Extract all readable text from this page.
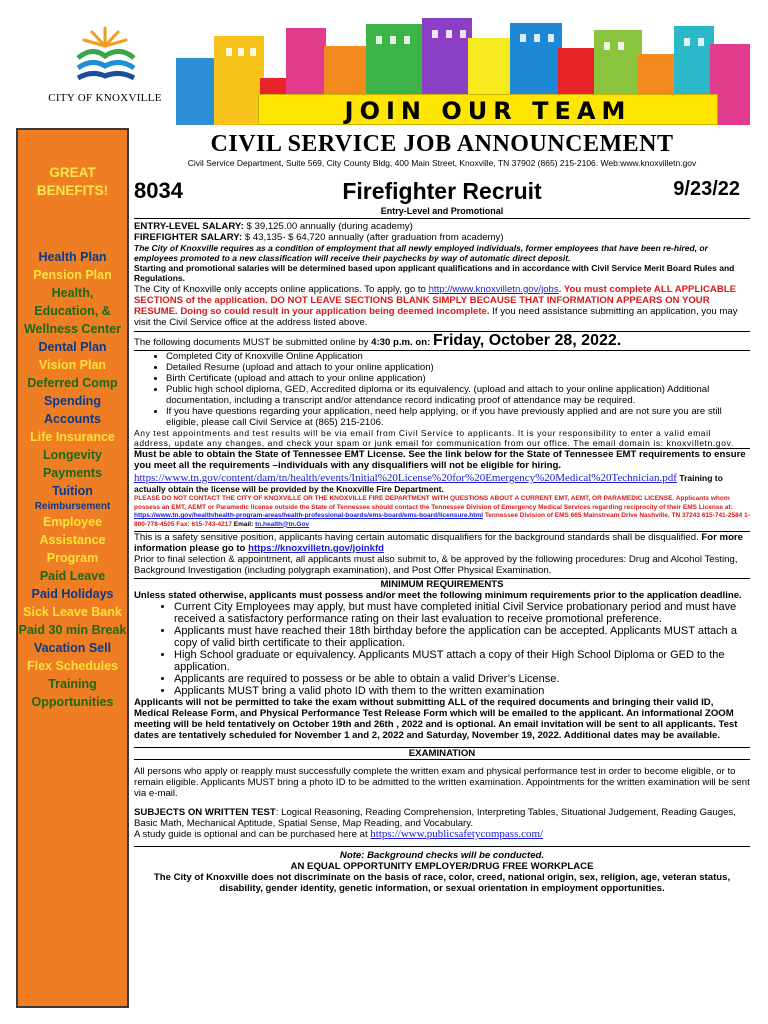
CITY OF KNOXVILLE	JOIN OUR TEAM
GREAT BENEFITS!
Health Plan
Pension Plan
Health, Education, & Wellness Center
Dental Plan
Vision Plan
Deferred Comp
Spending Accounts
Life Insurance
Longevity Payments
Tuition
Reimbursement
Employee Assistance Program
Paid Leave
Paid Holidays
Sick Leave Bank
Paid 30 min Break
Vacation Sell
Flex Schedules
Training Opportunities
CIVIL SERVICE JOB ANNOUNCEMENT
Civil Service Department, Suite 569, City County Bldg, 400 Main Street, Knoxville, TN 37902 (865) 215-2106. Web:www.knoxvilletn.gov
8034	Firefighter Recruit	9/23/22
Entry-Level and Promotional
ENTRY-LEVEL SALARY: $ 39,125.00 annually (during academy)
FIREFIGHTER SALARY: $ 43,135- $ 64,720 annually (after graduation from academy)
The City of Knoxville requires as a condition of employment that all newly employed individuals, former employees that have been re-hired, or employees promoted to a new classification will receive their paychecks by way of automatic direct deposit.
Starting and promotional salaries will be determined based upon applicant qualifications and in accordance with Civil Service Merit Board Rules and Regulations.
The City of Knoxville only accepts online applications. To apply, go to http://www.knoxvilletn.gov/jobs. You must complete ALL APPLICABLE SECTIONS of the application. DO NOT LEAVE SECTIONS BLANK SIMPLY BECAUSE THAT INFORMATION APPEARS ON YOUR RESUME. Doing so could result in your application being deemed incomplete. If you need assistance submitting an application, you may visit the Civil Service office at the address listed above.
The following documents MUST be submitted online by 4:30 p.m. on: Friday, October 28, 2022.
• Completed City of Knoxville Online Application
• Detailed Resume (upload and attach to your online application)
• Birth Certificate (upload and attach to your online application)
• Public high school diploma, GED, Accredited diploma or its equivalency. (upload and attach to your online application) Additional documentation, including a transcript and/or attendance record indicating proof of attendance may be required.
• If you have questions regarding your application, need help applying, or if you have previously applied and are not sure you are still eligible, please call Civil Service at (865) 215-2106.
Any test appointments and test results will be via email from Civil Service to applicants. It is your responsibility to enter a valid email address, update any changes, and check your spam or junk email for communication from our office. The email domain is: knoxvilletn.gov.
Must be able to obtain the State of Tennessee EMT License. See the link below for the State of Tennessee EMT requirements to ensure you meet all the requirements –individuals with any disqualifiers will not be eligible for hiring.
https://www.tn.gov/content/dam/tn/health/events/Initial%20License%20for%20Emergency%20Medical%20Technician.pdf Training to actually obtain the license will be provided by the Knoxville Fire Department.
PLEASE DO NOT CONTACT THE CITY OF KNOXVILLE OR THE KNOXVILLE FIRE DEPARTMENT WITH QUESTIONS ABOUT A CURRENT EMT, AEMT, OR PARAMEDIC LICENSE. Applicants whom possess an EMT, AEMT or Paramedic license outside the State of Tennessee should contact the Tennessee Division of Emergency Medical Services regarding reciprocity of their EMS License at: https://www.tn.gov/health/health-program-areas/health-professional-boards/ems-board/ems-board/licensure.html Tennessee Division of EMS 665 Mainstream Drive Nashville, TN 37243 615-741-2584 1-800-778-4505 Fax: 615-743-4217 Email: tn.health@tn.Gov
This is a safety sensitive position, applicants having certain automatic disqualifiers for the background standards shall be disqualified. For more information please go to https://knoxvilletn.gov/joinkfd
Prior to final selection & appointment, all applicants must also submit to, & be approved by the following procedures: Drug and Alcohol Testing, Background Investigation (including polygraph examination), and Post Offer Physical Examination.
MINIMUM REQUIREMENTS
Unless stated otherwise, applicants must possess and/or meet the following minimum requirements prior to the application deadline.
• Current City Employees may apply, but must have completed initial Civil Service probationary period and must have received a satisfactory performance rating on their last evaluation to receive promotional preference.
• Applicants must have reached their 18th birthday before the application can be accepted. Applicants MUST attach a copy of valid birth certificate to their application.
• High School graduate or equivalency. Applicants MUST attach a copy of their High School Diploma or GED to the application.
• Applicants are required to possess or be able to obtain a valid Driver’s License.
• Applicants MUST bring a valid photo ID with them to the written examination
Applicants will not be permitted to take the exam without submitting ALL of the required documents and bringing their valid ID, Medical Release Form, and Physical Performance Test Release Form which will be emailed to the applicant. An informational ZOOM meeting will be held tentatively on October 19th and 26th , 2022 and is optional. An email invitation will be sent to all applicants. Test dates are tentatively scheduled for November 1 and 2, 2022 and Saturday, November 19, 2022. Additional dates may be available.
EXAMINATION
All persons who apply or reapply must successfully complete the written exam and physical performance test in order to become eligible, or to remain eligible. Applicants MUST bring a photo ID to be admitted to the written examination. Appointments for the written examination will be sent via e-mail.
SUBJECTS ON WRITTEN TEST: Logical Reasoning, Reading Comprehension, Interpreting Tables, Situational Judgement, Reading Gauges, Basic Math, Mechanical Aptitude, Spatial Sense, Map Reading, and Vocabulary.
A study guide is optional and can be purchased here at https://www.publicsafetycompass.com/
Note: Background checks will be conducted.
AN EQUAL OPPORTUNITY EMPLOYER/DRUG FREE WORKPLACE
The City of Knoxville does not discriminate on the basis of race, color, creed, national origin, sex, religion, age, veteran status, disability, gender identity, genetic information, or sexual orientation in employment opportunities.
